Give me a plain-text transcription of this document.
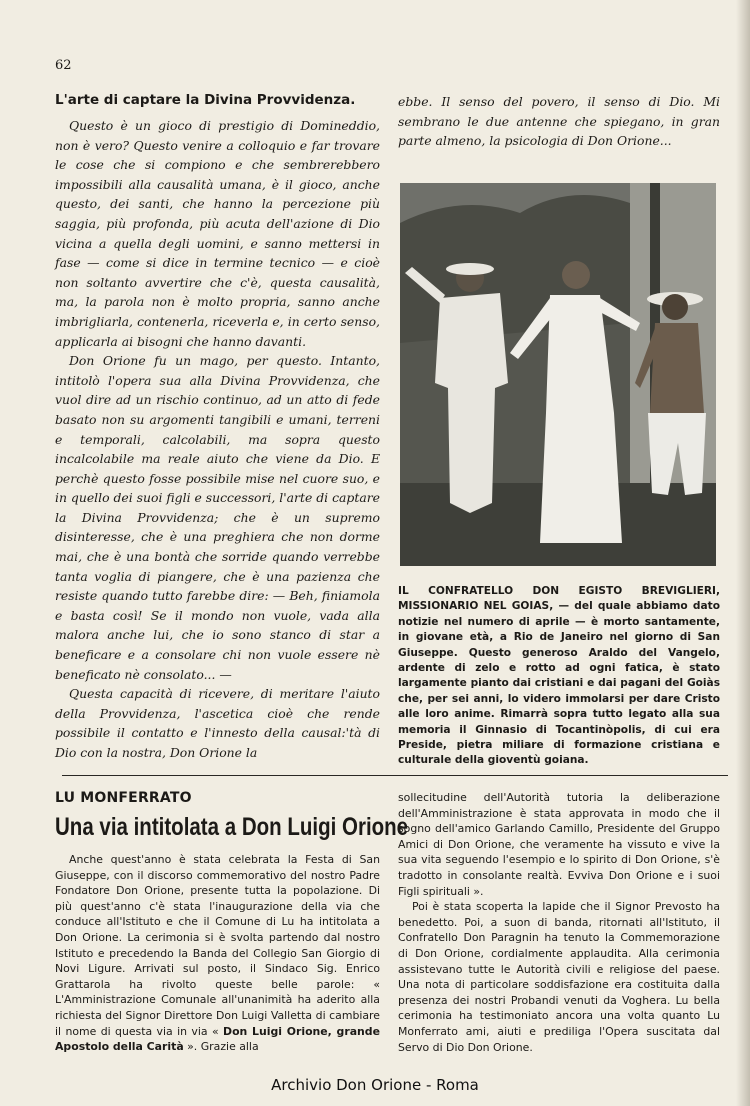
62
L'arte di captare la Divina Provvidenza.

Questo è un gioco di prestigio di Domineddio, non è vero? Questo venire a colloquio e far trovare le cose che si compiono e che sembrerebbero impossibili alla causalità umana, è il gioco, anche questo, dei santi, che hanno la percezione più saggia, più profonda, più acuta dell'azione di Dio vicina a quella degli uomini, e sanno mettersi in fase — come si dice in termine tecnico — e cioè non soltanto avvertire che c'è, questa causalità, ma, la parola non è molto propria, sanno anche imbrigliarla, contenerla, riceverla e, in certo senso, applicarla ai bisogni che hanno davanti.

Don Orione fu un mago, per questo. Intanto, intitolò l'opera sua alla Divina Provvidenza, che vuol dire ad un rischio continuo, ad un atto di fede basato non su argomenti tangibili e umani, terreni e temporali, calcolabili, ma sopra questo incalcolabile ma reale aiuto che viene da Dio. E perchè questo fosse possibile mise nel cuore suo, e in quello dei suoi figli e successori, l'arte di captare la Divina Provvidenza; che è un supremo disinteresse, che è una preghiera che non dorme mai, che è una bontà che sorride quando verrebbe tanta voglia di piangere, che è una pazienza che resiste quando tutto farebbe dire: — Beh, finiamola e basta così! Se il mondo non vuole, vada alla malora anche lui, che io sono stanco di star a beneficare e a consolare chi non vuole essere nè beneficato nè consolato... —

Questa capacità di ricevere, di meritare l'aiuto della Provvidenza, l'ascetica cioè che rende possibile il contatto e l'innesto della causal:'tà di Dio con la nostra, Don Orione la

ebbe. Il senso del povero, il senso di Dio. Mi sembrano le due antenne che spiegano, in gran parte almeno, la psicologia di Don Orione...

IL CONFRATELLO DON EGISTO BREVIGLIERI, MISSIONARIO NEL GOIAS, — del quale abbiamo dato notizie nel numero di aprile — è morto santamente, in giovane età, a Rio de Janeiro nel giorno di San Giuseppe. Questo generoso Araldo del Vangelo, ardente di zelo e rotto ad ogni fatica, è stato largamente pianto dai cristiani e dai pagani del Goiàs che, per sei anni, lo videro immolarsi per dare Cristo alle loro anime. Rimarrà sopra tutto legato alla sua memoria il Ginnasio di Tocantinòpolis, di cui era Preside, pietra miliare di formazione cristiana e culturale della gioventù goiana.
LU MONFERRATO
Una via intitolata a Don Luigi Orione

Anche quest'anno è stata celebrata la Festa di San Giuseppe, con il discorso commemorativo del nostro Padre Fondatore Don Orione, presente tutta la popolazione. Di più quest'anno c'è stata l'inaugurazione della via che conduce all'Istituto e che il Comune di Lu ha intitolata a Don Orione. La cerimonia si è svolta partendo dal nostro Istituto e precedendo la Banda del Collegio San Giorgio di Novi Ligure. Arrivati sul posto, il Sindaco Sig. Enrico Grattarola ha rivolto queste belle parole: « L'Amministrazione Comunale all'unanimità ha aderito alla richiesta del Signor Direttore Don Luigi Valletta di cambiare il nome di questa via in via « Don Luigi Orione, grande Apostolo della Carità ». Grazie alla

sollecitudine dell'Autorità tutoria la deliberazione dell'Amministrazione è stata approvata in modo che il sogno dell'amico Garlando Camillo, Presidente del Gruppo Amici di Don Orione, che veramente ha vissuto e vive la sua vita seguendo l'esempio e lo spirito di Don Orione, s'è tradotto in consolante realtà. Evviva Don Orione e i suoi Figli spirituali ».

Poi è stata scoperta la lapide che il Signor Prevosto ha benedetto. Poi, a suon di banda, ritornati all'Istituto, il Confratello Don Paragnin ha tenuto la Commemorazione di Don Orione, cordialmente applaudita. Alla cerimonia assistevano tutte le Autorità civili e religiose del paese. Una nota di particolare soddisfazione era costituita dalla presenza dei nostri Probandi venuti da Voghera. Lu bella cerimonia ha testimoniato ancora una volta quanto Lu Monferrato ami, aiuti e prediliga l'Opera suscitata dal Servo di Dio Don Orione.

Archivio Don Orione - Roma
